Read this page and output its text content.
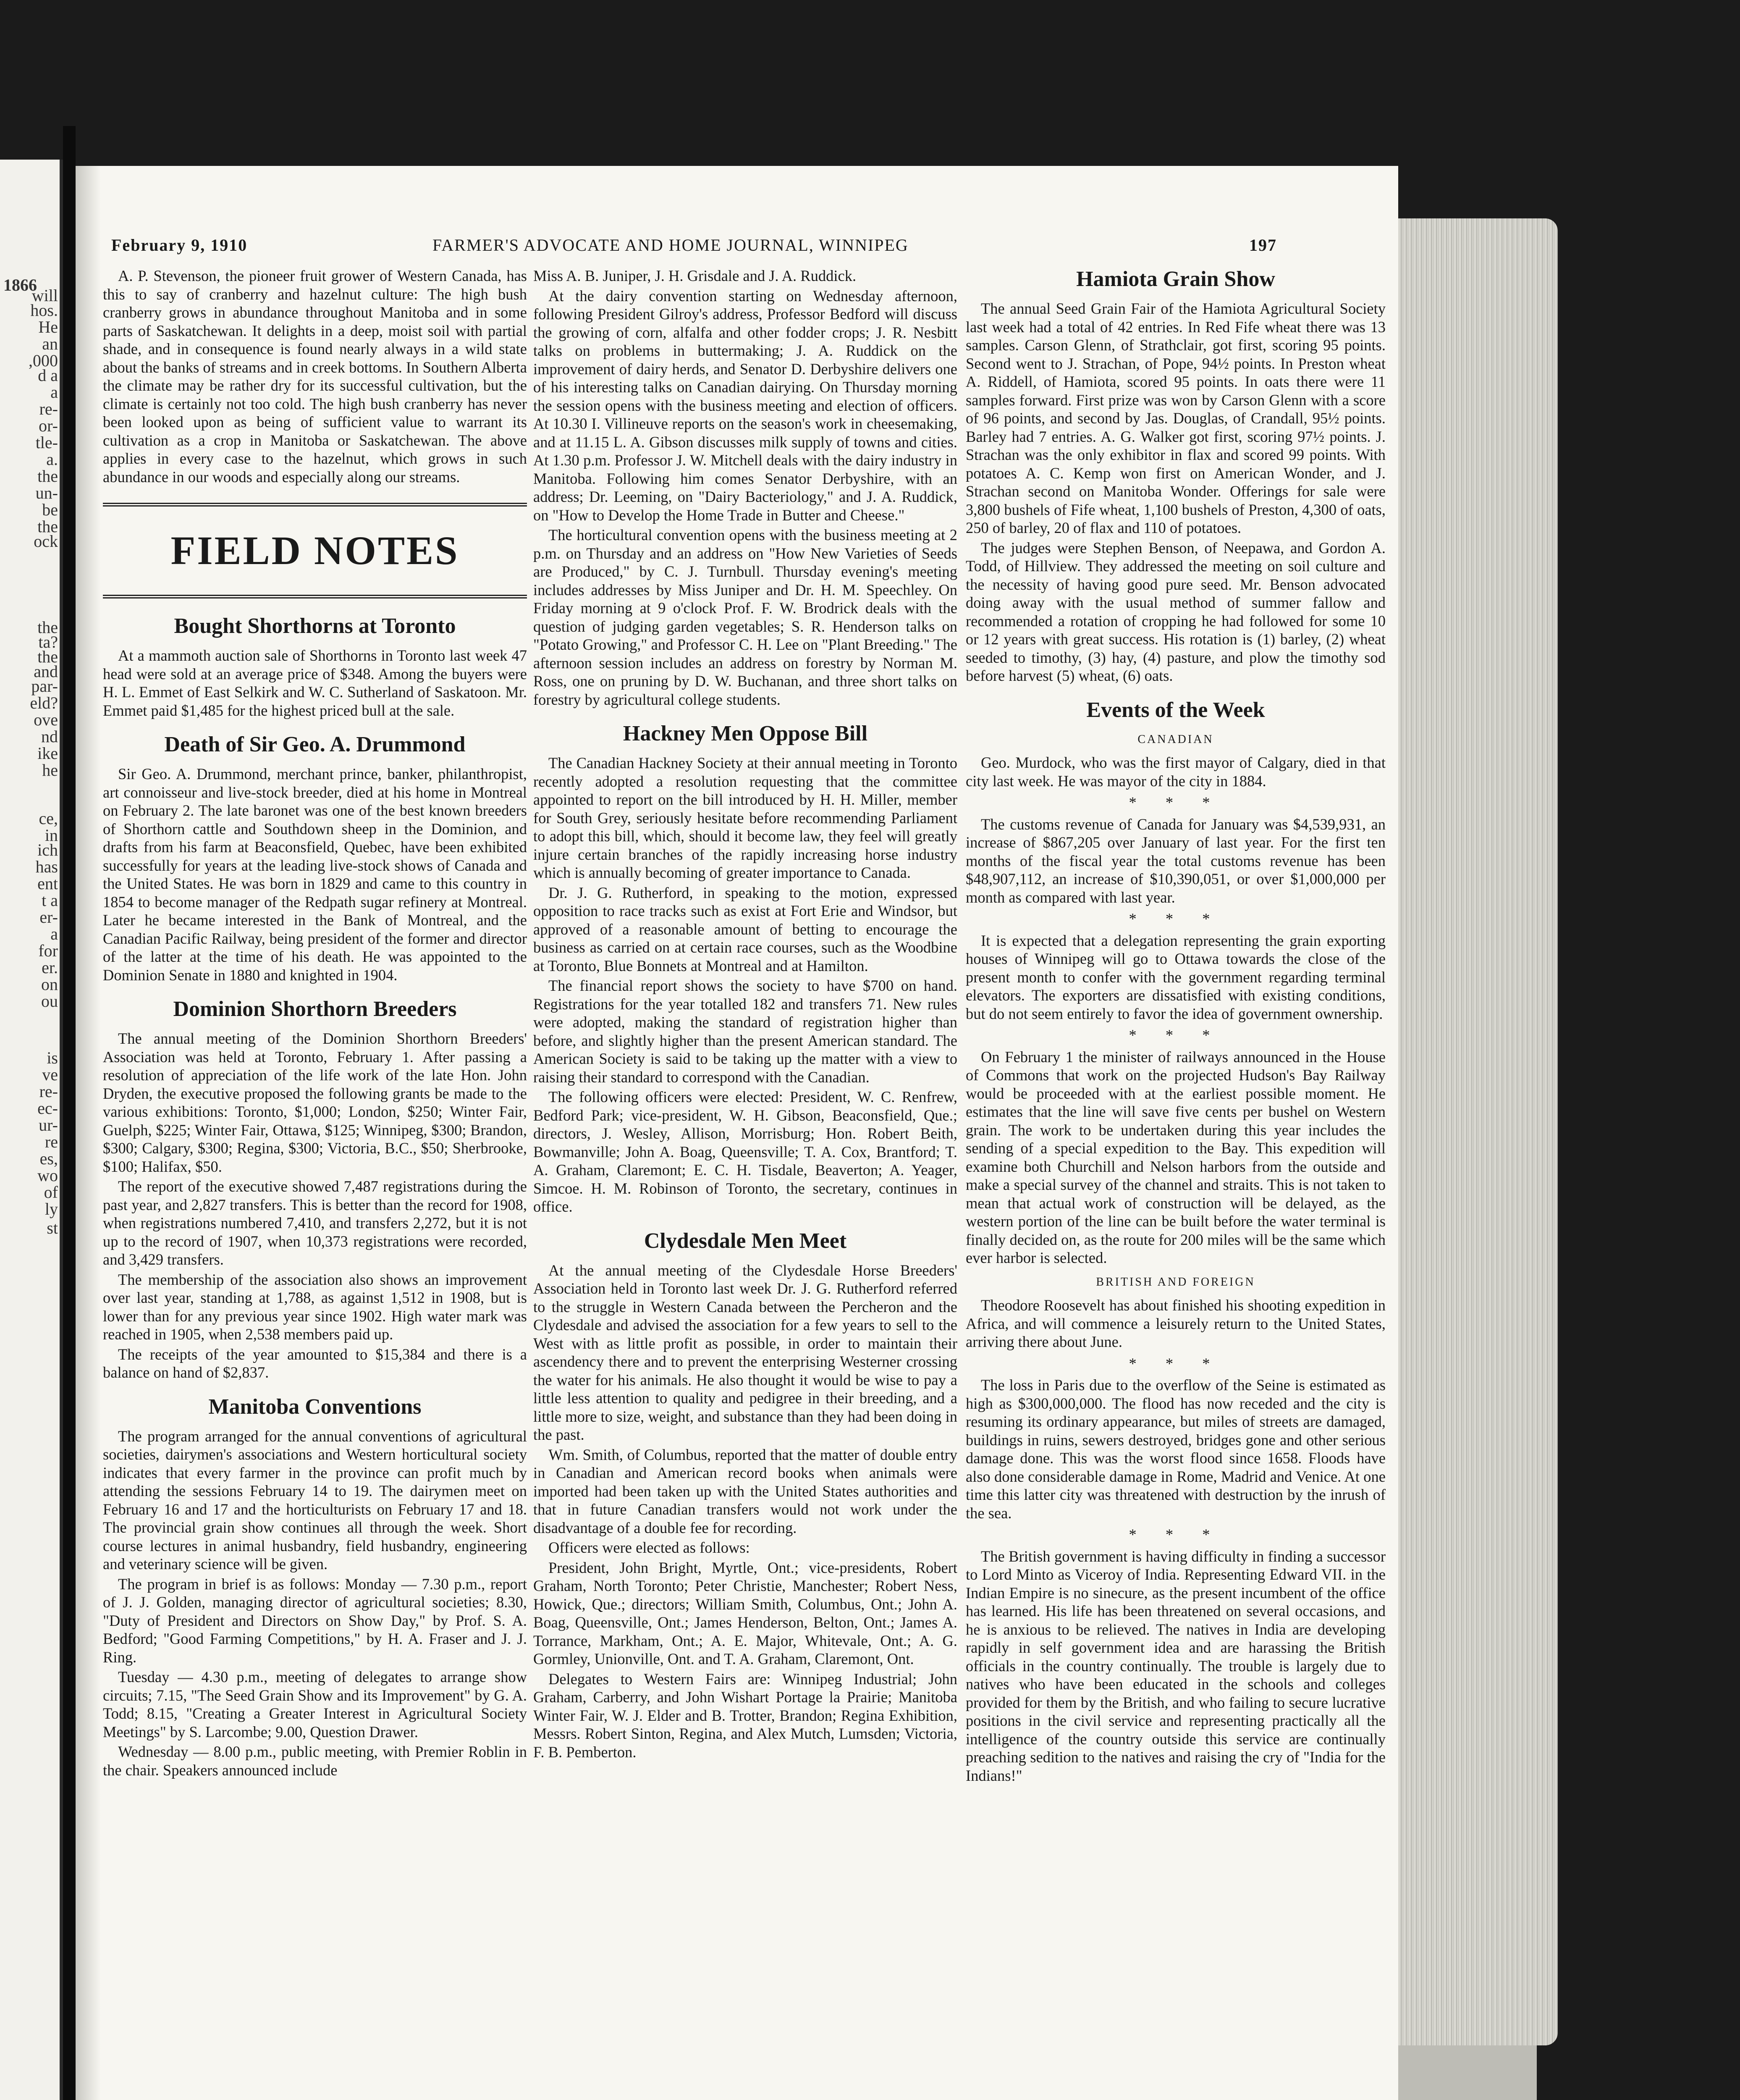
1866
will
hos.
He
an
,000
d a
a
re-
or-
tle-
a.
the
un-
be
the
ock
the
ta?
the
and
par-
eld?
ove
nd
ike
he
ce,
in
ich
has
ent
t a
er-
a
for
er.
on
ou
is
ve
re-
ec-
ur-
re
es,
wo
of
ly
st
February 9, 1910	FARMER'S ADVOCATE AND HOME JOURNAL, WINNIPEG	197

A. P. Stevenson, the pioneer fruit grower of Western Canada, has this to say of cranberry and hazelnut culture: The high bush cranberry grows in abundance throughout Manitoba and in some parts of Saskatchewan. It delights in a deep, moist soil with partial shade, and in consequence is found nearly always in a wild state about the banks of streams and in creek bottoms. In Southern Alberta the climate may be rather dry for its successful cultivation, but the climate is certainly not too cold. The high bush cranberry has never been looked upon as being of sufficient value to warrant its cultivation as a crop in Manitoba or Saskatchewan. The above applies in every case to the hazelnut, which grows in such abundance in our woods and especially along our streams.

FIELD NOTES
Bought Shorthorns at Toronto

At a mammoth auction sale of Shorthorns in Toronto last week 47 head were sold at an average price of $348. Among the buyers were H. L. Emmet of East Selkirk and W. C. Sutherland of Saskatoon. Mr. Emmet paid $1,485 for the highest priced bull at the sale.

Death of Sir Geo. A. Drummond

Sir Geo. A. Drummond, merchant prince, banker, philanthropist, art connoisseur and live-stock breeder, died at his home in Montreal on February 2. The late baronet was one of the best known breeders of Shorthorn cattle and Southdown sheep in the Dominion, and drafts from his farm at Beaconsfield, Quebec, have been exhibited successfully for years at the leading live-stock shows of Canada and the United States. He was born in 1829 and came to this country in 1854 to become manager of the Redpath sugar refinery at Montreal. Later he became interested in the Bank of Montreal, and the Canadian Pacific Railway, being president of the former and director of the latter at the time of his death. He was appointed to the Dominion Senate in 1880 and knighted in 1904.

Dominion Shorthorn Breeders

The annual meeting of the Dominion Shorthorn Breeders' Association was held at Toronto, February 1. After passing a resolution of appreciation of the life work of the late Hon. John Dryden, the executive proposed the following grants be made to the various exhibitions: Toronto, $1,000; London, $250; Winter Fair, Guelph, $225; Winter Fair, Ottawa, $125; Winnipeg, $300; Brandon, $300; Calgary, $300; Regina, $300; Victoria, B.C., $50; Sherbrooke, $100; Halifax, $50.

The report of the executive showed 7,487 registrations during the past year, and 2,827 transfers. This is better than the record for 1908, when registrations numbered 7,410, and transfers 2,272, but it is not up to the record of 1907, when 10,373 registrations were recorded, and 3,429 transfers.

The membership of the association also shows an improvement over last year, standing at 1,788, as against 1,512 in 1908, but is lower than for any previous year since 1902. High water mark was reached in 1905, when 2,538 members paid up.

The receipts of the year amounted to $15,384 and there is a balance on hand of $2,837.

Manitoba Conventions

The program arranged for the annual conventions of agricultural societies, dairymen's associations and Western horticultural society indicates that every farmer in the province can profit much by attending the sessions February 14 to 19. The dairymen meet on February 16 and 17 and the horticulturists on February 17 and 18. The provincial grain show continues all through the week. Short course lectures in animal husbandry, field husbandry, engineering and veterinary science will be given.

The program in brief is as follows: Monday — 7.30 p.m., report of J. J. Golden, managing director of agricultural societies; 8.30, "Duty of President and Directors on Show Day," by Prof. S. A. Bedford; "Good Farming Competitions," by H. A. Fraser and J. J. Ring.

Tuesday — 4.30 p.m., meeting of delegates to arrange show circuits; 7.15, "The Seed Grain Show and its Improvement" by G. A. Todd; 8.15, "Creating a Greater Interest in Agricultural Society Meetings" by S. Larcombe; 9.00, Question Drawer.

Wednesday — 8.00 p.m., public meeting, with Premier Roblin in the chair. Speakers announced include

Miss A. B. Juniper, J. H. Grisdale and J. A. Ruddick.

At the dairy convention starting on Wednesday afternoon, following President Gilroy's address, Professor Bedford will discuss the growing of corn, alfalfa and other fodder crops; J. R. Nesbitt talks on problems in buttermaking; J. A. Ruddick on the improvement of dairy herds, and Senator D. Derbyshire delivers one of his interesting talks on Canadian dairying. On Thursday morning the session opens with the business meeting and election of officers. At 10.30 I. Villineuve reports on the season's work in cheesemaking, and at 11.15 L. A. Gibson discusses milk supply of towns and cities. At 1.30 p.m. Professor J. W. Mitchell deals with the dairy industry in Manitoba. Following him comes Senator Derbyshire, with an address; Dr. Leeming, on "Dairy Bacteriology," and J. A. Ruddick, on "How to Develop the Home Trade in Butter and Cheese."

The horticultural convention opens with the business meeting at 2 p.m. on Thursday and an address on "How New Varieties of Seeds are Produced," by C. J. Turnbull. Thursday evening's meeting includes addresses by Miss Juniper and Dr. H. M. Speechley. On Friday morning at 9 o'clock Prof. F. W. Brodrick deals with the question of judging garden vegetables; S. R. Henderson talks on "Potato Growing," and Professor C. H. Lee on "Plant Breeding." The afternoon session includes an address on forestry by Norman M. Ross, one on pruning by D. W. Buchanan, and three short talks on forestry by agricultural college students.

Hackney Men Oppose Bill

The Canadian Hackney Society at their annual meeting in Toronto recently adopted a resolution requesting that the committee appointed to report on the bill introduced by H. H. Miller, member for South Grey, seriously hesitate before recommending Parliament to adopt this bill, which, should it become law, they feel will greatly injure certain branches of the rapidly increasing horse industry which is annually becoming of greater importance to Canada.

Dr. J. G. Rutherford, in speaking to the motion, expressed opposition to race tracks such as exist at Fort Erie and Windsor, but approved of a reasonable amount of betting to encourage the business as carried on at certain race courses, such as the Woodbine at Toronto, Blue Bonnets at Montreal and at Hamilton.

The financial report shows the society to have $700 on hand. Registrations for the year totalled 182 and transfers 71. New rules were adopted, making the standard of registration higher than before, and slightly higher than the present American standard. The American Society is said to be taking up the matter with a view to raising their standard to correspond with the Canadian.

The following officers were elected: President, W. C. Renfrew, Bedford Park; vice-president, W. H. Gibson, Beaconsfield, Que.; directors, J. Wesley, Allison, Morrisburg; Hon. Robert Beith, Bowmanville; John A. Boag, Queensville; T. A. Cox, Brantford; T. A. Graham, Claremont; E. C. H. Tisdale, Beaverton; A. Yeager, Simcoe. H. M. Robinson of Toronto, the secretary, continues in office.

Clydesdale Men Meet

At the annual meeting of the Clydesdale Horse Breeders' Association held in Toronto last week Dr. J. G. Rutherford referred to the struggle in Western Canada between the Percheron and the Clydesdale and advised the association for a few years to sell to the West with as little profit as possible, in order to maintain their ascendency there and to prevent the enterprising Westerner crossing the water for his animals. He also thought it would be wise to pay a little less attention to quality and pedigree in their breeding, and a little more to size, weight, and substance than they had been doing in the past.

Wm. Smith, of Columbus, reported that the matter of double entry in Canadian and American record books when animals were imported had been taken up with the United States authorities and that in future Canadian transfers would not work under the disadvantage of a double fee for recording.

Officers were elected as follows:

President, John Bright, Myrtle, Ont.; vice-presidents, Robert Graham, North Toronto; Peter Christie, Manchester; Robert Ness, Howick, Que.; directors; William Smith, Columbus, Ont.; John A. Boag, Queensville, Ont.; James Henderson, Belton, Ont.; James A. Torrance, Markham, Ont.; A. E. Major, Whitevale, Ont.; A. G. Gormley, Unionville, Ont. and T. A. Graham, Claremont, Ont.

Delegates to Western Fairs are: Winnipeg Industrial; John Graham, Carberry, and John Wishart Portage la Prairie; Manitoba Winter Fair, W. J. Elder and B. Trotter, Brandon; Regina Exhibition, Messrs. Robert Sinton, Regina, and Alex Mutch, Lumsden; Victoria, F. B. Pemberton.

Hamiota Grain Show

The annual Seed Grain Fair of the Hamiota Agricultural Society last week had a total of 42 entries. In Red Fife wheat there was 13 samples. Carson Glenn, of Strathclair, got first, scoring 95 points. Second went to J. Strachan, of Pope, 94½ points. In Preston wheat A. Riddell, of Hamiota, scored 95 points. In oats there were 11 samples forward. First prize was won by Carson Glenn with a score of 96 points, and second by Jas. Douglas, of Crandall, 95½ points. Barley had 7 entries. A. G. Walker got first, scoring 97½ points. J. Strachan was the only exhibitor in flax and scored 99 points. With potatoes A. C. Kemp won first on American Wonder, and J. Strachan second on Manitoba Wonder. Offerings for sale were 3,800 bushels of Fife wheat, 1,100 bushels of Preston, 4,300 of oats, 250 of barley, 20 of flax and 110 of potatoes.

The judges were Stephen Benson, of Neepawa, and Gordon A. Todd, of Hillview. They addressed the meeting on soil culture and the necessity of having good pure seed. Mr. Benson advocated doing away with the usual method of summer fallow and recommended a rotation of cropping he had followed for some 10 or 12 years with great success. His rotation is (1) barley, (2) wheat seeded to timothy, (3) hay, (4) pasture, and plow the timothy sod before harvest (5) wheat, (6) oats.

Events of the Week
CANADIAN

Geo. Murdock, who was the first mayor of Calgary, died in that city last week. He was mayor of the city in 1884.

* * *

The customs revenue of Canada for January was $4,539,931, an increase of $867,205 over January of last year. For the first ten months of the fiscal year the total customs revenue has been $48,907,112, an increase of $10,390,051, or over $1,000,000 per month as compared with last year.

* * *

It is expected that a delegation representing the grain exporting houses of Winnipeg will go to Ottawa towards the close of the present month to confer with the government regarding terminal elevators. The exporters are dissatisfied with existing conditions, but do not seem entirely to favor the idea of government ownership.

* * *

On February 1 the minister of railways announced in the House of Commons that work on the projected Hudson's Bay Railway would be proceeded with at the earliest possible moment. He estimates that the line will save five cents per bushel on Western grain. The work to be undertaken during this year includes the sending of a special expedition to the Bay. This expedition will examine both Churchill and Nelson harbors from the outside and make a special survey of the channel and straits. This is not taken to mean that actual work of construction will be delayed, as the western portion of the line can be built before the water terminal is finally decided on, as the route for 200 miles will be the same which ever harbor is selected.

BRITISH AND FOREIGN

Theodore Roosevelt has about finished his shooting expedition in Africa, and will commence a leisurely return to the United States, arriving there about June.

* * *

The loss in Paris due to the overflow of the Seine is estimated as high as $300,000,000. The flood has now receded and the city is resuming its ordinary appearance, but miles of streets are damaged, buildings in ruins, sewers destroyed, bridges gone and other serious damage done. This was the worst flood since 1658. Floods have also done considerable damage in Rome, Madrid and Venice. At one time this latter city was threatened with destruction by the inrush of the sea.

* * *

The British government is having difficulty in finding a successor to Lord Minto as Viceroy of India. Representing Edward VII. in the Indian Empire is no sinecure, as the present incumbent of the office has learned. His life has been threatened on several occasions, and he is anxious to be relieved. The natives in India are developing rapidly in self government idea and are harassing the British officials in the country continually. The trouble is largely due to natives who have been educated in the schools and colleges provided for them by the British, and who failing to secure lucrative positions in the civil service and representing practically all the intelligence of the country outside this service are continually preaching sedition to the natives and raising the cry of "India for the Indians!"
